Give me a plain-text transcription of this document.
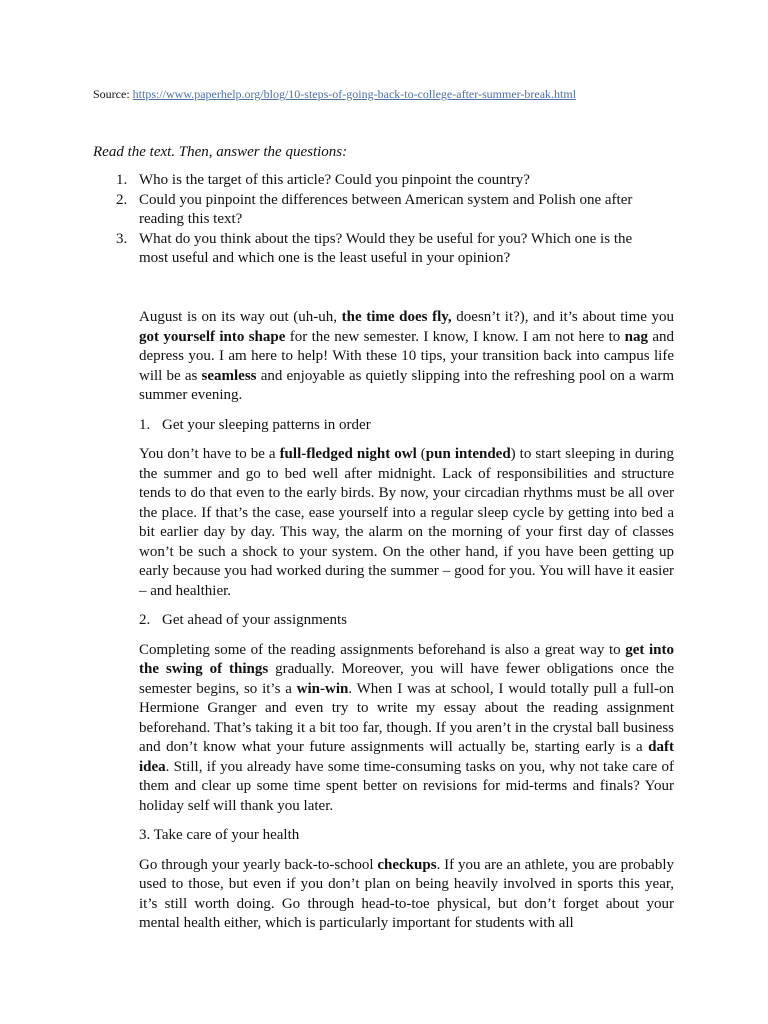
Source: https://www.paperhelp.org/blog/10-steps-of-going-back-to-college-after-summer-break.html
Read the text. Then, answer the questions:
1. Who is the target of this article? Could you pinpoint the country?
2. Could you pinpoint the differences between American system and Polish one after reading this text?
3. What do you think about the tips? Would they be useful for you? Which one is the most useful and which one is the least useful in your opinion?

August is on its way out (uh-uh, the time does fly, doesn’t it?), and it’s about time you got yourself into shape for the new semester. I know, I know. I am not here to nag and depress you. I am here to help! With these 10 tips, your transition back into campus life will be as seamless and enjoyable as quietly slipping into the refreshing pool on a warm summer evening.

1. Get your sleeping patterns in order

You don’t have to be a full-fledged night owl (pun intended) to start sleeping in during the summer and go to bed well after midnight. Lack of responsibilities and structure tends to do that even to the early birds. By now, your circadian rhythms must be all over the place. If that’s the case, ease yourself into a regular sleep cycle by getting into bed a bit earlier day by day. This way, the alarm on the morning of your first day of classes won’t be such a shock to your system. On the other hand, if you have been getting up early because you had worked during the summer – good for you. You will have it easier – and healthier.

2. Get ahead of your assignments

Completing some of the reading assignments beforehand is also a great way to get into the swing of things gradually. Moreover, you will have fewer obligations once the semester begins, so it’s a win-win. When I was at school, I would totally pull a full-on Hermione Granger and even try to write my essay about the reading assignment beforehand. That’s taking it a bit too far, though. If you aren’t in the crystal ball business and don’t know what your future assignments will actually be, starting early is a daft idea. Still, if you already have some time-consuming tasks on you, why not take care of them and clear up some time spent better on revisions for mid-terms and finals? Your holiday self will thank you later.

3. Take care of your health

Go through your yearly back-to-school checkups. If you are an athlete, you are probably used to those, but even if you don’t plan on being heavily involved in sports this year, it’s still worth doing. Go through head-to-toe physical, but don’t forget about your mental health either, which is particularly important for students with all
